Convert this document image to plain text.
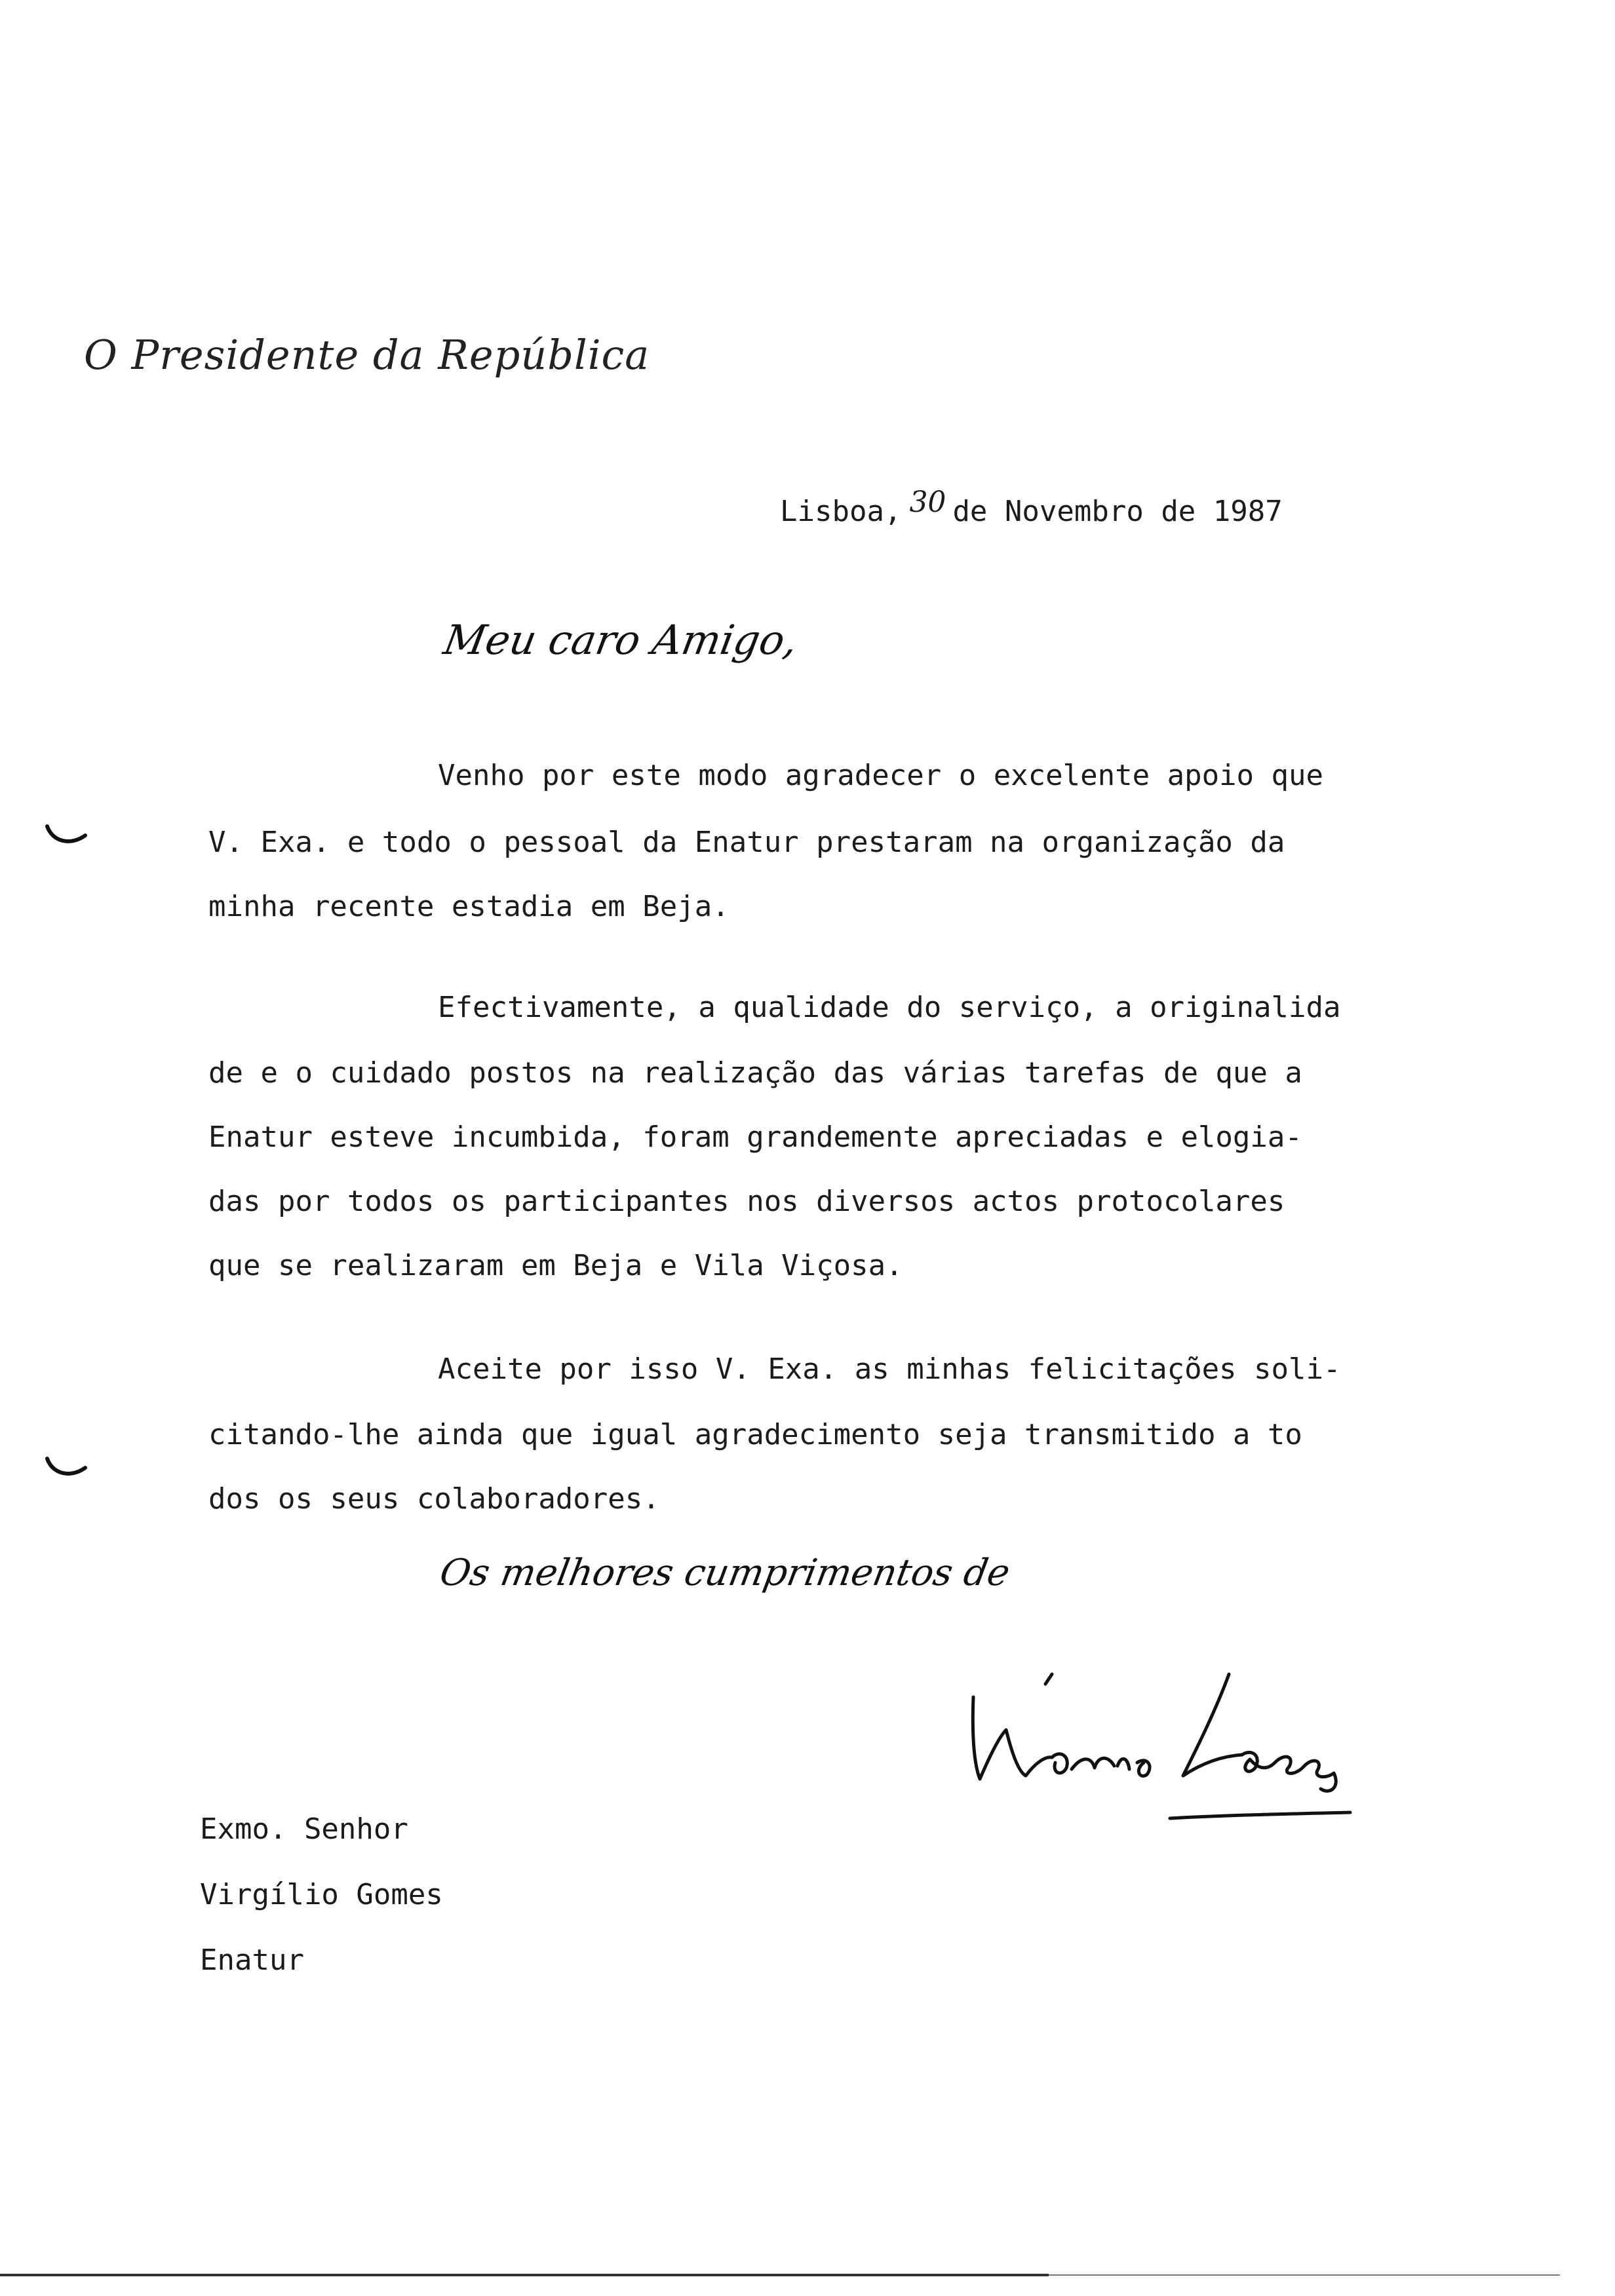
O Presidente da República
Lisboa, 30 de Novembro de 1987
Meu caro Amigo,
Venho por este modo agradecer o excelente apoio que
V. Exa. e todo o pessoal da Enatur prestaram na organização da
minha recente estadia em Beja.
Efectivamente, a qualidade do serviço, a originalida
de e o cuidado postos na realização das várias tarefas de que a
Enatur esteve incumbida, foram grandemente apreciadas e elogia-
das por todos os participantes nos diversos actos protocolares
que se realizaram em Beja e Vila Viçosa.
Aceite por isso V. Exa. as minhas felicitações soli-
citando-lhe ainda que igual agradecimento seja transmitido a to
dos os seus colaboradores.
Os melhores cumprimentos de
Exmo. Senhor
Virgílio Gomes
Enatur
